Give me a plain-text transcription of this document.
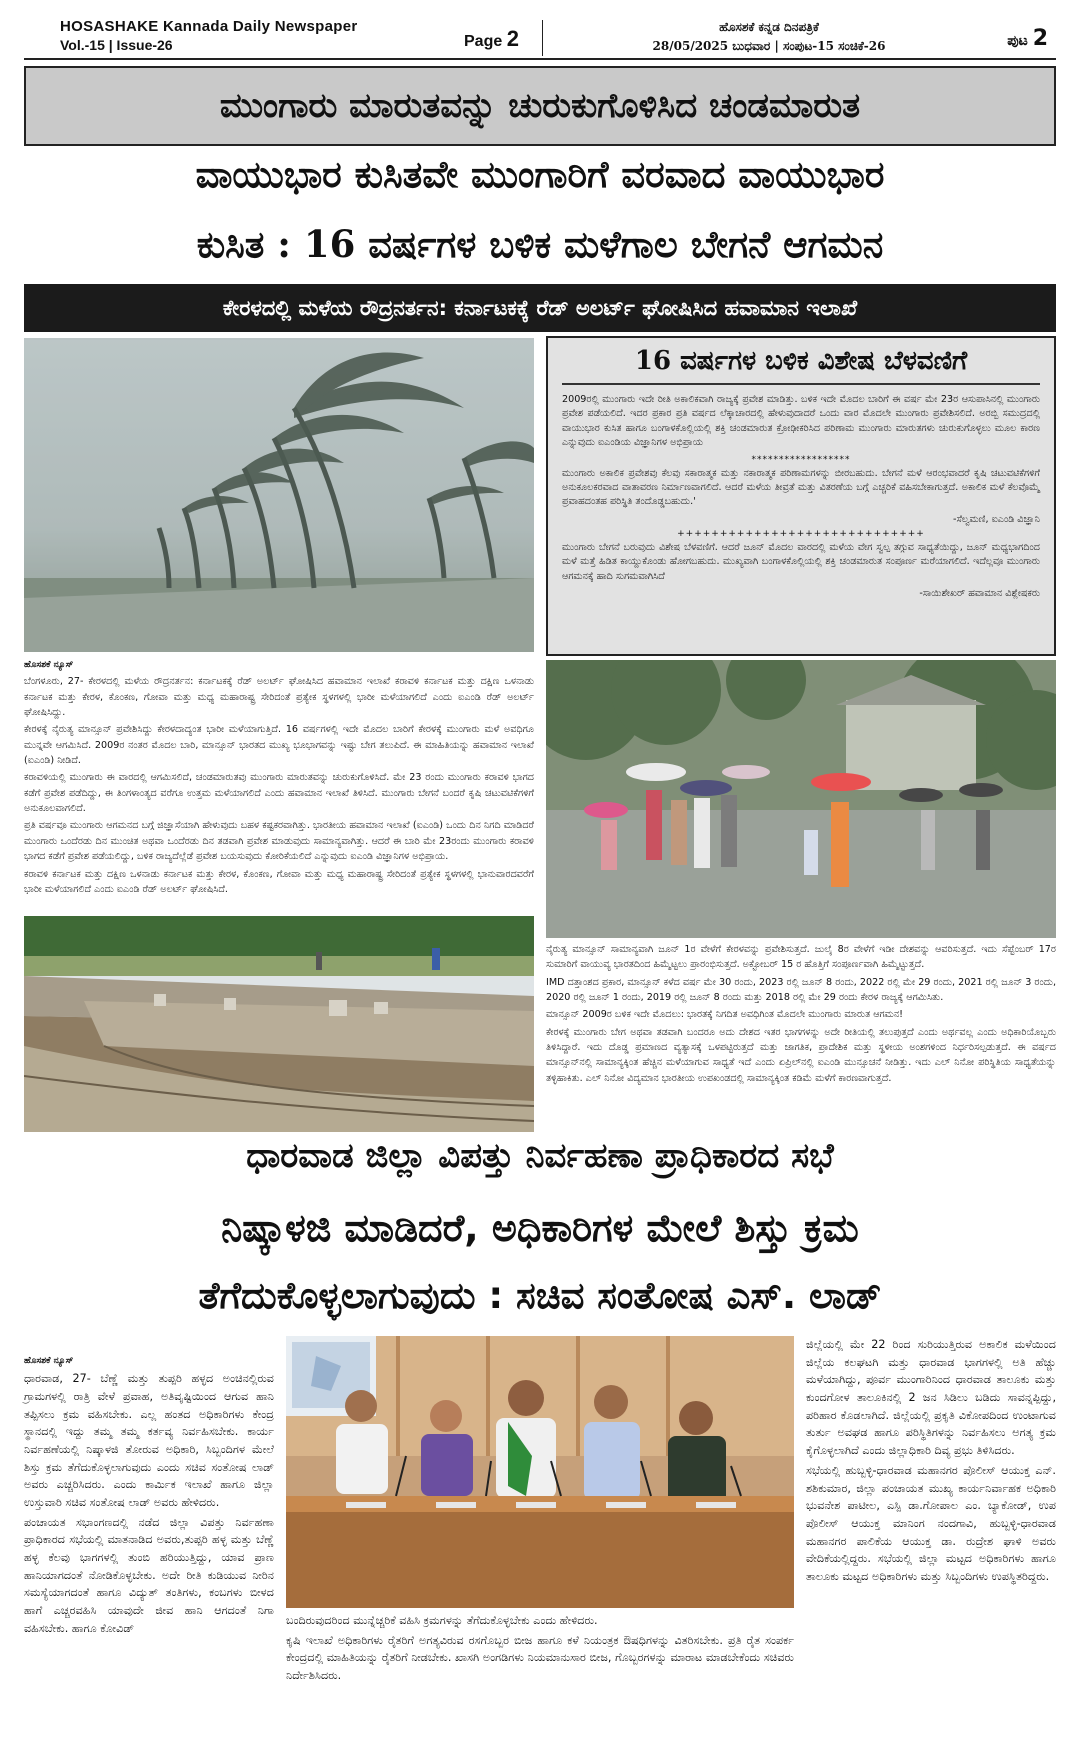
HOSASHAKE Kannada Daily Newspaper
Vol.-15 | Issue-26	Page 2	ಹೊಸಶಕೆ ಕನ್ನಡ ದಿನಪತ್ರಿಕೆ
28/05/2025 ಬುಧವಾರ | ಸಂಪುಟ-15 ಸಂಚಿಕೆ-26	ಪುಟ 2
ಮುಂಗಾರು ಮಾರುತವನ್ನು ಚುರುಕುಗೊಳಿಸಿದ ಚಂಡಮಾರುತ
ವಾಯುಭಾರ ಕುಸಿತವೇ ಮುಂಗಾರಿಗೆ ವರವಾದ ವಾಯುಭಾರ
ಕುಸಿತ : 16 ವರ್ಷಗಳ ಬಳಿಕ ಮಳೆಗಾಲ ಬೇಗನೆ ಆಗಮನ
ಕೇರಳದಲ್ಲಿ ಮಳೆಯ ರೌದ್ರನರ್ತನ: ಕರ್ನಾಟಕಕ್ಕೆ ರೆಡ್ ಅಲರ್ಟ್ ಘೋಷಿಸಿದ ಹವಾಮಾನ ಇಲಾಖೆ
16 ವರ್ಷಗಳ ಬಳಿಕ ವಿಶೇಷ ಬೆಳವಣಿಗೆ

2009ರಲ್ಲಿ ಮುಂಗಾರು ಇದೇ ರೀತಿ ಅಕಾಲಿಕವಾಗಿ ರಾಜ್ಯಕ್ಕೆ ಪ್ರವೇಶ ಮಾಡಿತ್ತು. ಬಳಿಕ ಇದೇ ಮೊದಲ ಬಾರಿಗೆ ಈ ವರ್ಷ ಮೇ 23ರ ಆಸುಪಾಸಿನಲ್ಲಿ ಮುಂಗಾರು ಪ್ರವೇಶ ಪಡೆಯಲಿದೆ. ಇದರ ಪ್ರಕಾರ ಪ್ರತಿ ವರ್ಷದ ಲೆಕ್ಕಾಚಾರದಲ್ಲಿ ಹೇಳುವುದಾದರೆ ಒಂದು ವಾರ ಮೊದಲೇ ಮುಂಗಾರು ಪ್ರವೇಶಿಸಲಿದೆ. ಅರಬ್ಬಿ ಸಮುದ್ರದಲ್ಲಿ ವಾಯುಭಾರ ಕುಸಿತ ಹಾಗೂ ಬಂಗಾಳಕೊಲ್ಲಿಯಲ್ಲಿ ಶಕ್ತಿ ಚಂಡಮಾರುತ ಕ್ರೋಢೀಕರಿಸಿದ ಪರಿಣಾಮ ಮುಂಗಾರು ಮಾರುತಗಳು ಚುರುಕುಗೊಳ್ಳಲು ಮೂಲ ಕಾರಣ ಎನ್ನುವುದು ಐಎಂಡಿಯ ವಿಜ್ಞಾನಿಗಳ ಅಭಿಪ್ರಾಯ

******************

ಮುಂಗಾರು ಅಕಾಲಿಕ ಪ್ರವೇಶವು ಕೆಲವು ಸಕಾರಾತ್ಮಕ ಮತ್ತು ನಕಾರಾತ್ಮಕ ಪರಿಣಾಮಗಳನ್ನು ಬೀರಬಹುದು. ಬೇಗನೆ ಮಳೆ ಆರಂಭವಾದರೆ ಕೃಷಿ ಚಟುವಟಿಕೆಗಳಿಗೆ ಅನುಕೂಲಕರವಾದ ವಾತಾವರಣ ನಿರ್ಮಾಣವಾಗಲಿದೆ. ಆದರೆ ಮಳೆಯ ತೀವ್ರತೆ ಮತ್ತು ವಿತರಣೆಯ ಬಗ್ಗೆ ಎಚ್ಚರಿಕೆ ವಹಿಸಬೇಕಾಗುತ್ತದೆ. ಅಕಾಲಿಕ ಮಳೆ ಕೆಲವೊಮ್ಮೆ ಪ್ರವಾಹದಂತಹ ಪರಿಸ್ಥಿತಿ ತಂದೊಡ್ಡಬಹುದು.'

-ಸೆಲ್ವಮಣಿ, ಐಎಂಡಿ ವಿಜ್ಞಾನಿ
+++++++++++++++++++++++++++++

ಮುಂಗಾರು ಬೇಗನೆ ಬರುವುದು ವಿಶೇಷ ಬೆಳವಣಿಗೆ. ಆದರೆ ಜೂನ್ ಮೊದಲ ವಾರದಲ್ಲಿ ಮಳೆಯ ವೇಗ ಸ್ವಲ್ಪ ತಗ್ಗುವ ಸಾಧ್ಯತೆಯಿದ್ದು, ಜೂನ್ ಮಧ್ಯಭಾಗದಿಂದ ಮಳೆ ಮತ್ತೆ ಹಿಡಿತ ಕಾಯ್ದುಕೊಂಡು ಹೋಗಬಹುದು. ಮುಖ್ಯವಾಗಿ ಬಂಗಾಳಕೊಲ್ಲಿಯಲ್ಲಿ ಶಕ್ತಿ ಚಂಡಮಾರುತ ಸಂಪೂರ್ಣ ಮರೆಯಾಗಲಿದೆ. ಇದೆಲ್ಲವೂ ಮುಂಗಾರು ಆಗಮನಕ್ಕೆ ಹಾದಿ ಸುಗಮವಾಗಿಸಿದೆ

-ಸಾಯಿಶೇಖರ್ ಹವಾಮಾನ ವಿಶ್ಲೇಷಕರು

ಹೊಸಶಕೆ ನ್ಯೂಸ್

ಬೆಂಗಳೂರು, 27- ಕೇರಳದಲ್ಲಿ ಮಳೆಯ ರೌದ್ರನರ್ತನ: ಕರ್ನಾಟಕಕ್ಕೆ ರೆಡ್ ಅಲರ್ಟ್ ಘೋಷಿಸಿದ ಹವಾಮಾನ ಇಲಾಖೆ ಕರಾವಳಿ ಕರ್ನಾಟಕ ಮತ್ತು ದಕ್ಷಿಣ ಒಳನಾಡು ಕರ್ನಾಟಕ ಮತ್ತು ಕೇರಳ, ಕೊಂಕಣ, ಗೋವಾ ಮತ್ತು ಮಧ್ಯ ಮಹಾರಾಷ್ಟ್ರ ಸೇರಿದಂತೆ ಪ್ರತ್ಯೇಕ ಸ್ಥಳಗಳಲ್ಲಿ ಭಾರೀ ಮಳೆಯಾಗಲಿದೆ ಎಂದು ಐಎಂಡಿ ರೆಡ್ ಅಲರ್ಟ್ ಘೋಷಿಸಿದ್ದು.

ಕೇರಳಕ್ಕೆ ನೈರುತ್ಯ ಮಾನ್ಸೂನ್ ಪ್ರವೇಶಿಸಿದ್ದು ಕೇರಳದಾದ್ಯಂತ ಭಾರೀ ಮಳೆಯಾಗುತ್ತಿದೆ. 16 ವರ್ಷಗಳಲ್ಲಿ ಇದೇ ಮೊದಲ ಬಾರಿಗೆ ಕೇರಳಕ್ಕೆ ಮುಂಗಾರು ಮಳೆ ಅವಧಿಗೂ ಮುನ್ನವೇ ಆಗಮಿಸಿದೆ. 2009ರ ನಂತರ ಮೊದಲ ಬಾರಿ, ಮಾನ್ಸೂನ್ ಭಾರತದ ಮುಖ್ಯ ಭೂಭಾಗವನ್ನು ಇಷ್ಟು ಬೇಗ ತಲುಪಿದೆ. ಈ ಮಾಹಿತಿಯನ್ನು ಹವಾಮಾನ ಇಲಾಖೆ (ಐಎಂಡಿ) ನೀಡಿದೆ.

ಕರಾವಳಿಯಲ್ಲಿ ಮುಂಗಾರು ಈ ವಾರದಲ್ಲಿ ಆಗಮಿಸಲಿದೆ, ಚಂಡಮಾರುತವು ಮುಂಗಾರು ಮಾರುತವನ್ನು ಚುರುಕುಗೊಳಿಸಿದೆ. ಮೇ 23 ರಂದು ಮುಂಗಾರು ಕರಾವಳಿ ಭಾಗದ ಕಡೆಗೆ ಪ್ರವೇಶ ಪಡೆದಿದ್ದು, ಈ ತಿಂಗಳಾಂತ್ಯದ ವರೆಗೂ ಉತ್ತಮ ಮಳೆಯಾಗಲಿದೆ ಎಂದು ಹವಾಮಾನ ಇಲಾಖೆ ತಿಳಿಸಿದೆ. ಮುಂಗಾರು ಬೇಗನೆ ಬಂದರೆ ಕೃಷಿ ಚಟುವಟಿಕೆಗಳಿಗೆ ಅನುಕೂಲವಾಗಲಿದೆ.

ಪ್ರತಿ ವರ್ಷವೂ ಮುಂಗಾರು ಆಗಮನದ ಬಗ್ಗೆ ಜಿಜ್ಞಾಸೆಯಾಗಿ ಹೇಳುವುದು ಬಹಳ ಕಷ್ಟಕರವಾಗಿತ್ತು. ಭಾರತೀಯ ಹವಾಮಾನ ಇಲಾಖೆ (ಐಎಂಡಿ) ಒಂದು ದಿನ ನಿಗದಿ ಮಾಡಿದರೆ ಮುಂಗಾರು ಒಂದೆರಡು ದಿನ ಮುಂಚಿತ ಅಥವಾ ಒಂದೆರಡು ದಿನ ತಡವಾಗಿ ಪ್ರವೇಶ ಮಾಡುವುದು ಸಾಮಾನ್ಯವಾಗಿತ್ತು. ಆದರೆ ಈ ಬಾರಿ ಮೇ 23ರಂದು ಮುಂಗಾರು ಕರಾವಳಿ ಭಾಗದ ಕಡೆಗೆ ಪ್ರವೇಶ ಪಡೆಯಲಿದ್ದು, ಬಳಿಕ ರಾಜ್ಯದೆಲ್ಲೆಡೆ ಪ್ರವೇಶ ಬಯಸುವುದು ಕೋರಿಕೆಯಲಿದೆ ಎನ್ನುವುದು ಐಎಂಡಿ ವಿಜ್ಞಾನಿಗಳ ಅಭಿಪ್ರಾಯ.

ಕರಾವಳಿ ಕರ್ನಾಟಕ ಮತ್ತು ದಕ್ಷಿಣ ಒಳನಾಡು ಕರ್ನಾಟಕ ಮತ್ತು ಕೇರಳ, ಕೊಂಕಣ, ಗೋವಾ ಮತ್ತು ಮಧ್ಯ ಮಹಾರಾಷ್ಟ್ರ ಸೇರಿದಂತೆ ಪ್ರತ್ಯೇಕ ಸ್ಥಳಗಳಲ್ಲಿ ಭಾನುವಾರದವರೆಗೆ ಭಾರೀ ಮಳೆಯಾಗಲಿದೆ ಎಂದು ಐಎಂಡಿ ರೆಡ್ ಅಲರ್ಟ್ ಘೋಷಿಸಿದೆ.

ನೈರುತ್ಯ ಮಾನ್ಸೂನ್ ಸಾಮಾನ್ಯವಾಗಿ ಜೂನ್ 1ರ ವೇಳೆಗೆ ಕೇರಳವನ್ನು ಪ್ರವೇಶಿಸುತ್ತದೆ. ಜುಲೈ 8ರ ವೇಳೆಗೆ ಇಡೀ ದೇಶವನ್ನು ಆವರಿಸುತ್ತದೆ. ಇದು ಸೆಪ್ಟೆಂಬರ್ 17ರ ಸುಮಾರಿಗೆ ವಾಯುವ್ಯ ಭಾರತದಿಂದ ಹಿಮ್ಮೆಟ್ಟಲು ಪ್ರಾರಂಭಿಸುತ್ತದೆ. ಅಕ್ಟೋಬರ್ 15 ರ ಹೊತ್ತಿಗೆ ಸಂಪೂರ್ಣವಾಗಿ ಹಿಮ್ಮೆಟ್ಟುತ್ತದೆ.

IMD ದತ್ತಾಂಶದ ಪ್ರಕಾರ, ಮಾನ್ಸೂನ್ ಕಳೆದ ವರ್ಷ ಮೇ 30 ರಂದು, 2023 ರಲ್ಲಿ ಜೂನ್ 8 ರಂದು, 2022 ರಲ್ಲಿ ಮೇ 29 ರಂದು, 2021 ರಲ್ಲಿ ಜೂನ್ 3 ರಂದು, 2020 ರಲ್ಲಿ ಜೂನ್ 1 ರಂದು, 2019 ರಲ್ಲಿ ಜೂನ್ 8 ರಂದು ಮತ್ತು 2018 ರಲ್ಲಿ ಮೇ 29 ರಂದು ಕೇರಳ ರಾಜ್ಯಕ್ಕೆ ಆಗಮಿಸಿತು.

ಮಾನ್ಸೂನ್ 2009ರ ಬಳಿಕ ಇದೇ ಮೊದಲು: ಭಾರತಕ್ಕೆ ನಿಗದಿತ ಅವಧಿಗಿಂತ ಮೊದಲೇ ಮುಂಗಾರು ಮಾರುತ ಆಗಮನ!

ಕೇರಳಕ್ಕೆ ಮುಂಗಾರು ಬೇಗ ಅಥವಾ ತಡವಾಗಿ ಬಂದರೂ ಅದು ದೇಶದ ಇತರ ಭಾಗಗಳನ್ನು ಅದೇ ರೀತಿಯಲ್ಲಿ ತಲುಪುತ್ತದೆ ಎಂದು ಅರ್ಥವಲ್ಲ ಎಂದು ಅಧಿಕಾರಿಯೊಬ್ಬರು ತಿಳಿಸಿದ್ದಾರೆ. ಇದು ದೊಡ್ಡ ಪ್ರಮಾಣದ ವ್ಯತ್ಯಾಸಕ್ಕೆ ಒಳಪಟ್ಟಿರುತ್ತದೆ ಮತ್ತು ಜಾಗತಿಕ, ಪ್ರಾದೇಶಿಕ ಮತ್ತು ಸ್ಥಳೀಯ ಅಂಶಗಳಿಂದ ನಿರ್ಧರಿಸಲ್ಪಡುತ್ತದೆ. ಈ ವರ್ಷದ ಮಾನ್ಸೂನ್‌ನಲ್ಲಿ ಸಾಮಾನ್ಯಕ್ಕಿಂತ ಹೆಚ್ಚಿನ ಮಳೆಯಾಗುವ ಸಾಧ್ಯತೆ ಇದೆ ಎಂದು ಏಪ್ರಿಲ್‌ನಲ್ಲಿ ಐಎಂಡಿ ಮುನ್ಸೂಚನೆ ನೀಡಿತ್ತು. ಇದು ಎಲ್ ನಿನೋ ಪರಿಸ್ಥಿತಿಯ ಸಾಧ್ಯತೆಯನ್ನು ತಳ್ಳಿಹಾಕಿತು. ಎಲ್ ನಿನೋ ವಿದ್ಯಮಾನ ಭಾರತೀಯ ಉಪಖಂಡದಲ್ಲಿ ಸಾಮಾನ್ಯಕ್ಕಿಂತ ಕಡಿಮೆ ಮಳೆಗೆ ಕಾರಣವಾಗುತ್ತದೆ.

ಧಾರವಾಡ ಜಿಲ್ಲಾ ವಿಪತ್ತು ನಿರ್ವಹಣಾ ಪ್ರಾಧಿಕಾರದ ಸಭೆ
ನಿಷ್ಕಾಳಜಿ ಮಾಡಿದರೆ, ಅಧಿಕಾರಿಗಳ ಮೇಲೆ ಶಿಸ್ತು ಕ್ರಮ
ತೆಗೆದುಕೊಳ್ಳಲಾಗುವುದು : ಸಚಿವ ಸಂತೋಷ ಎಸ್. ಲಾಡ್

ಹೊಸಶಕೆ ನ್ಯೂಸ್

ಧಾರವಾಡ, 27- ಬೆಣ್ಣೆ ಮತ್ತು ತುಪ್ಪರಿ ಹಳ್ಳದ ಅಂಚಿನಲ್ಲಿರುವ ಗ್ರಾಮಗಳಲ್ಲಿ ರಾತ್ರಿ ವೇಳೆ ಪ್ರವಾಹ, ಅತಿವೃಷ್ಟಿಯಿಂದ ಆಗುವ ಹಾನಿ ತಪ್ಪಿಸಲು ಕ್ರಮ ವಹಿಸಬೇಕು. ಎಲ್ಲ ಹಂತದ ಅಧಿಕಾರಿಗಳು ಕೇಂದ್ರ ಸ್ಥಾನದಲ್ಲಿ ಇದ್ದು ತಮ್ಮ ತಮ್ಮ ಕರ್ತವ್ಯ ನಿರ್ವಹಿಸಬೇಕು. ಕಾರ್ಯ ನಿರ್ವಹಣೆಯಲ್ಲಿ ನಿಷ್ಕಾಳಜಿ ತೋರುವ ಅಧಿಕಾರಿ, ಸಿಬ್ಬಂದಿಗಳ ಮೇಲೆ ಶಿಸ್ತು ಕ್ರಮ ತೆಗೆದುಕೊಳ್ಳಲಾಗುವುದು ಎಂದು ಸಚಿವ ಸಂತೋಷ ಲಾಡ್ ಅವರು ಎಚ್ಚರಿಸಿದರು. ಎಂದು ಕಾರ್ಮಿಕ ಇಲಾಖೆ ಹಾಗೂ ಜಿಲ್ಲಾ ಉಸ್ತುವಾರಿ ಸಚಿವ ಸಂತೋಷ ಲಾಡ್ ಅವರು ಹೇಳಿದರು.

ಪಂಚಾಯತ ಸಭಾಂಗಣದಲ್ಲಿ ನಡೆದ ಜಿಲ್ಲಾ ವಿಪತ್ತು ನಿರ್ವಹಣಾ ಪ್ರಾಧಿಕಾರದ ಸಭೆಯಲ್ಲಿ ಮಾತನಾಡಿದ ಅವರು,ತುಪ್ಪರಿ ಹಳ್ಳ ಮತ್ತು ಬೆಣ್ಣೆ ಹಳ್ಳ ಕೆಲವು ಭಾಗಗಳಲ್ಲಿ ತುಂಬಿ ಹರಿಯುತ್ತಿದ್ದು, ಯಾವ ಪ್ರಾಣ ಹಾನಿಯಾಗದಂತೆ ನೋಡಿಕೊಳ್ಳಬೇಕು. ಅದೇ ರೀತಿ ಕುಡಿಯುವ ನೀರಿನ ಸಮಸ್ಯೆಯಾಗದಂತೆ ಹಾಗೂ ವಿದ್ಯುತ್ ತಂತಿಗಳು, ಕಂಬಗಳು ಬೀಳದ ಹಾಗೆ ಎಚ್ಚರವಹಿಸಿ ಯಾವುದೇ ಜೀವ ಹಾನಿ ಆಗದಂತೆ ನಿಗಾ ವಹಿಸಬೇಕು. ಹಾಗೂ ಕೋವಿಡ್

ಬಂದಿರುವುದರಿಂದ ಮುನ್ನೆಚ್ಚರಿಕೆ ವಹಿಸಿ ಕ್ರಮಗಳನ್ನು ತೆಗೆದುಕೊಳ್ಳಬೇಕು ಎಂದು ಹೇಳಿದರು.

ಕೃಷಿ ಇಲಾಖೆ ಅಧಿಕಾರಿಗಳು ರೈತರಿಗೆ ಅಗತ್ಯವಿರುವ ರಸಗೊಬ್ಬರ ಬೀಜ ಹಾಗೂ ಕಳೆ ನಿಯಂತ್ರಕ ಔಷಧಿಗಳನ್ನು ವಿತರಿಸಬೇಕು. ಪ್ರತಿ ರೈತ ಸಂಪರ್ಕ ಕೇಂದ್ರದಲ್ಲಿ ಮಾಹಿತಿಯನ್ನು ರೈತರಿಗೆ ನೀಡಬೇಕು. ಖಾಸಗಿ ಅಂಗಡಿಗಳು ನಿಯಮಾನುಸಾರ ಬೀಜ, ಗೊಬ್ಬರಗಳನ್ನು ಮಾರಾಟ ಮಾಡಬೇಕೆಂದು ಸಚಿವರು ನಿರ್ದೇಶಿಸಿದರು.

ಜಿಲ್ಲೆಯಲ್ಲಿ ಮೇ 22 ರಿಂದ ಸುರಿಯುತ್ತಿರುವ ಅಕಾಲಿಕ ಮಳೆಯಿಂದ ಜಿಲ್ಲೆಯ ಕಲಘಟಗಿ ಮತ್ತು ಧಾರವಾಡ ಭಾಗಗಳಲ್ಲಿ ಅತಿ ಹೆಚ್ಚು ಮಳೆಯಾಗಿದ್ದು, ಪೂರ್ವ ಮುಂಗಾರಿನಿಂದ ಧಾರವಾಡ ತಾಲೂಕು ಮತ್ತು ಕುಂದಗೋಳ ತಾಲೂಕಿನಲ್ಲಿ 2 ಜನ ಸಿಡಿಲು ಬಡಿದು ಸಾವನ್ನಪ್ಪಿದ್ದು, ಪರಿಹಾರ ಕೊಡಲಾಗಿದೆ. ಜಿಲ್ಲೆಯಲ್ಲಿ ಪ್ರಕೃತಿ ವಿಕೋಪದಿಂದ ಉಂಟಾಗುವ ತುರ್ತು ಅವಘಡ ಹಾಗೂ ಪರಿಸ್ಥಿತಿಗಳನ್ನು ನಿರ್ವಹಿಸಲು ಅಗತ್ಯ ಕ್ರಮ ಕೈಗೊಳ್ಳಲಾಗಿದೆ ಎಂದು ಜಿಲ್ಲಾಧಿಕಾರಿ ದಿವ್ಯ ಪ್ರಭು ತಿಳಿಸಿದರು.

ಸಭೆಯಲ್ಲಿ ಹುಬ್ಬಳ್ಳಿ-ಧಾರವಾಡ ಮಹಾನಗರ ಪೊಲೀಸ್ ಆಯುಕ್ತ ಎನ್. ಶಶಿಕುಮಾರ, ಜಿಲ್ಲಾ ಪಂಚಾಯತ ಮುಖ್ಯ ಕಾರ್ಯನಿರ್ವಾಹಕ ಅಧಿಕಾರಿ ಭುವನೇಶ ಪಾಟೀಲ, ಎಸ್ಪಿ ಡಾ.ಗೋಪಾಲ ಎಂ. ಬ್ಯಾಕೋಡ್, ಉಪ ಪೊಲೀಸ್ ಆಯುಕ್ತ ಮಾನಿಂಗ ನಂದಗಾವಿ, ಹುಬ್ಬಳ್ಳಿ-ಧಾರವಾಡ ಮಹಾನಗರ ಪಾಲಿಕೆಯ ಆಯುಕ್ತ ಡಾ. ರುದ್ರೇಶ ಘಾಳಿ ಅವರು ವೇದಿಕೆಯಲ್ಲಿದ್ದರು. ಸಭೆಯಲ್ಲಿ ಜಿಲ್ಲಾ ಮಟ್ಟದ ಅಧಿಕಾರಿಗಳು ಹಾಗೂ ತಾಲೂಕು ಮಟ್ಟದ ಅಧಿಕಾರಿಗಳು ಮತ್ತು ಸಿಬ್ಬಂದಿಗಳು ಉಪಸ್ಥಿತರಿದ್ದರು.
